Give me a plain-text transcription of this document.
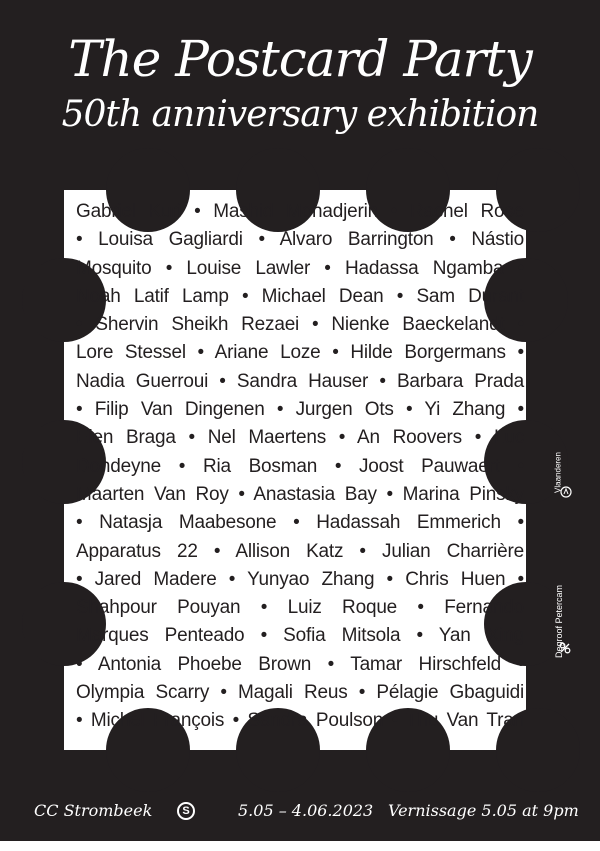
The Postcard Party
50th anniversary exhibition
Gabriel Kuri • Mashid Mohadjerin • Rachel Rose
• Louisa Gagliardi • Alvaro Barrington • Nástio
Mosquito • Louise Lawler • Hadassa Ngamba •
Noah Latif Lamp • Michael Dean • Sam Durant
• Shervin Sheikh Rezaei • Nienke Baeckelandt •
Lore Stessel • Ariane Loze • Hilde Borgermans •
Nadia Guerroui • Sandra Hauser • Barbara Prada
• Filip Van Dingenen • Jurgen Ots • Yi Zhang •
Elen Braga • Nel Maertens • An Roovers • Luc
Dondeyne • Ria Bosman • Joost Pauwaert •
Maarten Van Roy • Anastasia Bay • Marina Pinsky
• Natasja Maabesone • Hadassah Emmerich •
Apparatus 22 • Allison Katz • Julian Charrière
• Jared Madere • Yunyao Zhang • Chris Huen •
Shahpour Pouyan • Luiz Roque • Fernando
Marques Penteado • Sofia Mitsola • Yan Xing
• Antonia Phoebe Brown • Tamar Hirschfeld •
Olympia Scarry • Magali Reus • Pélagie Gbaguidi
• Michel François • Sandra Poulson • Thu Van Tran
Vlaanderen
Degroof Petercam
CC Strombeek	S	5.05 – 4.06.2023 Vernissage 5.05 at 9pm
